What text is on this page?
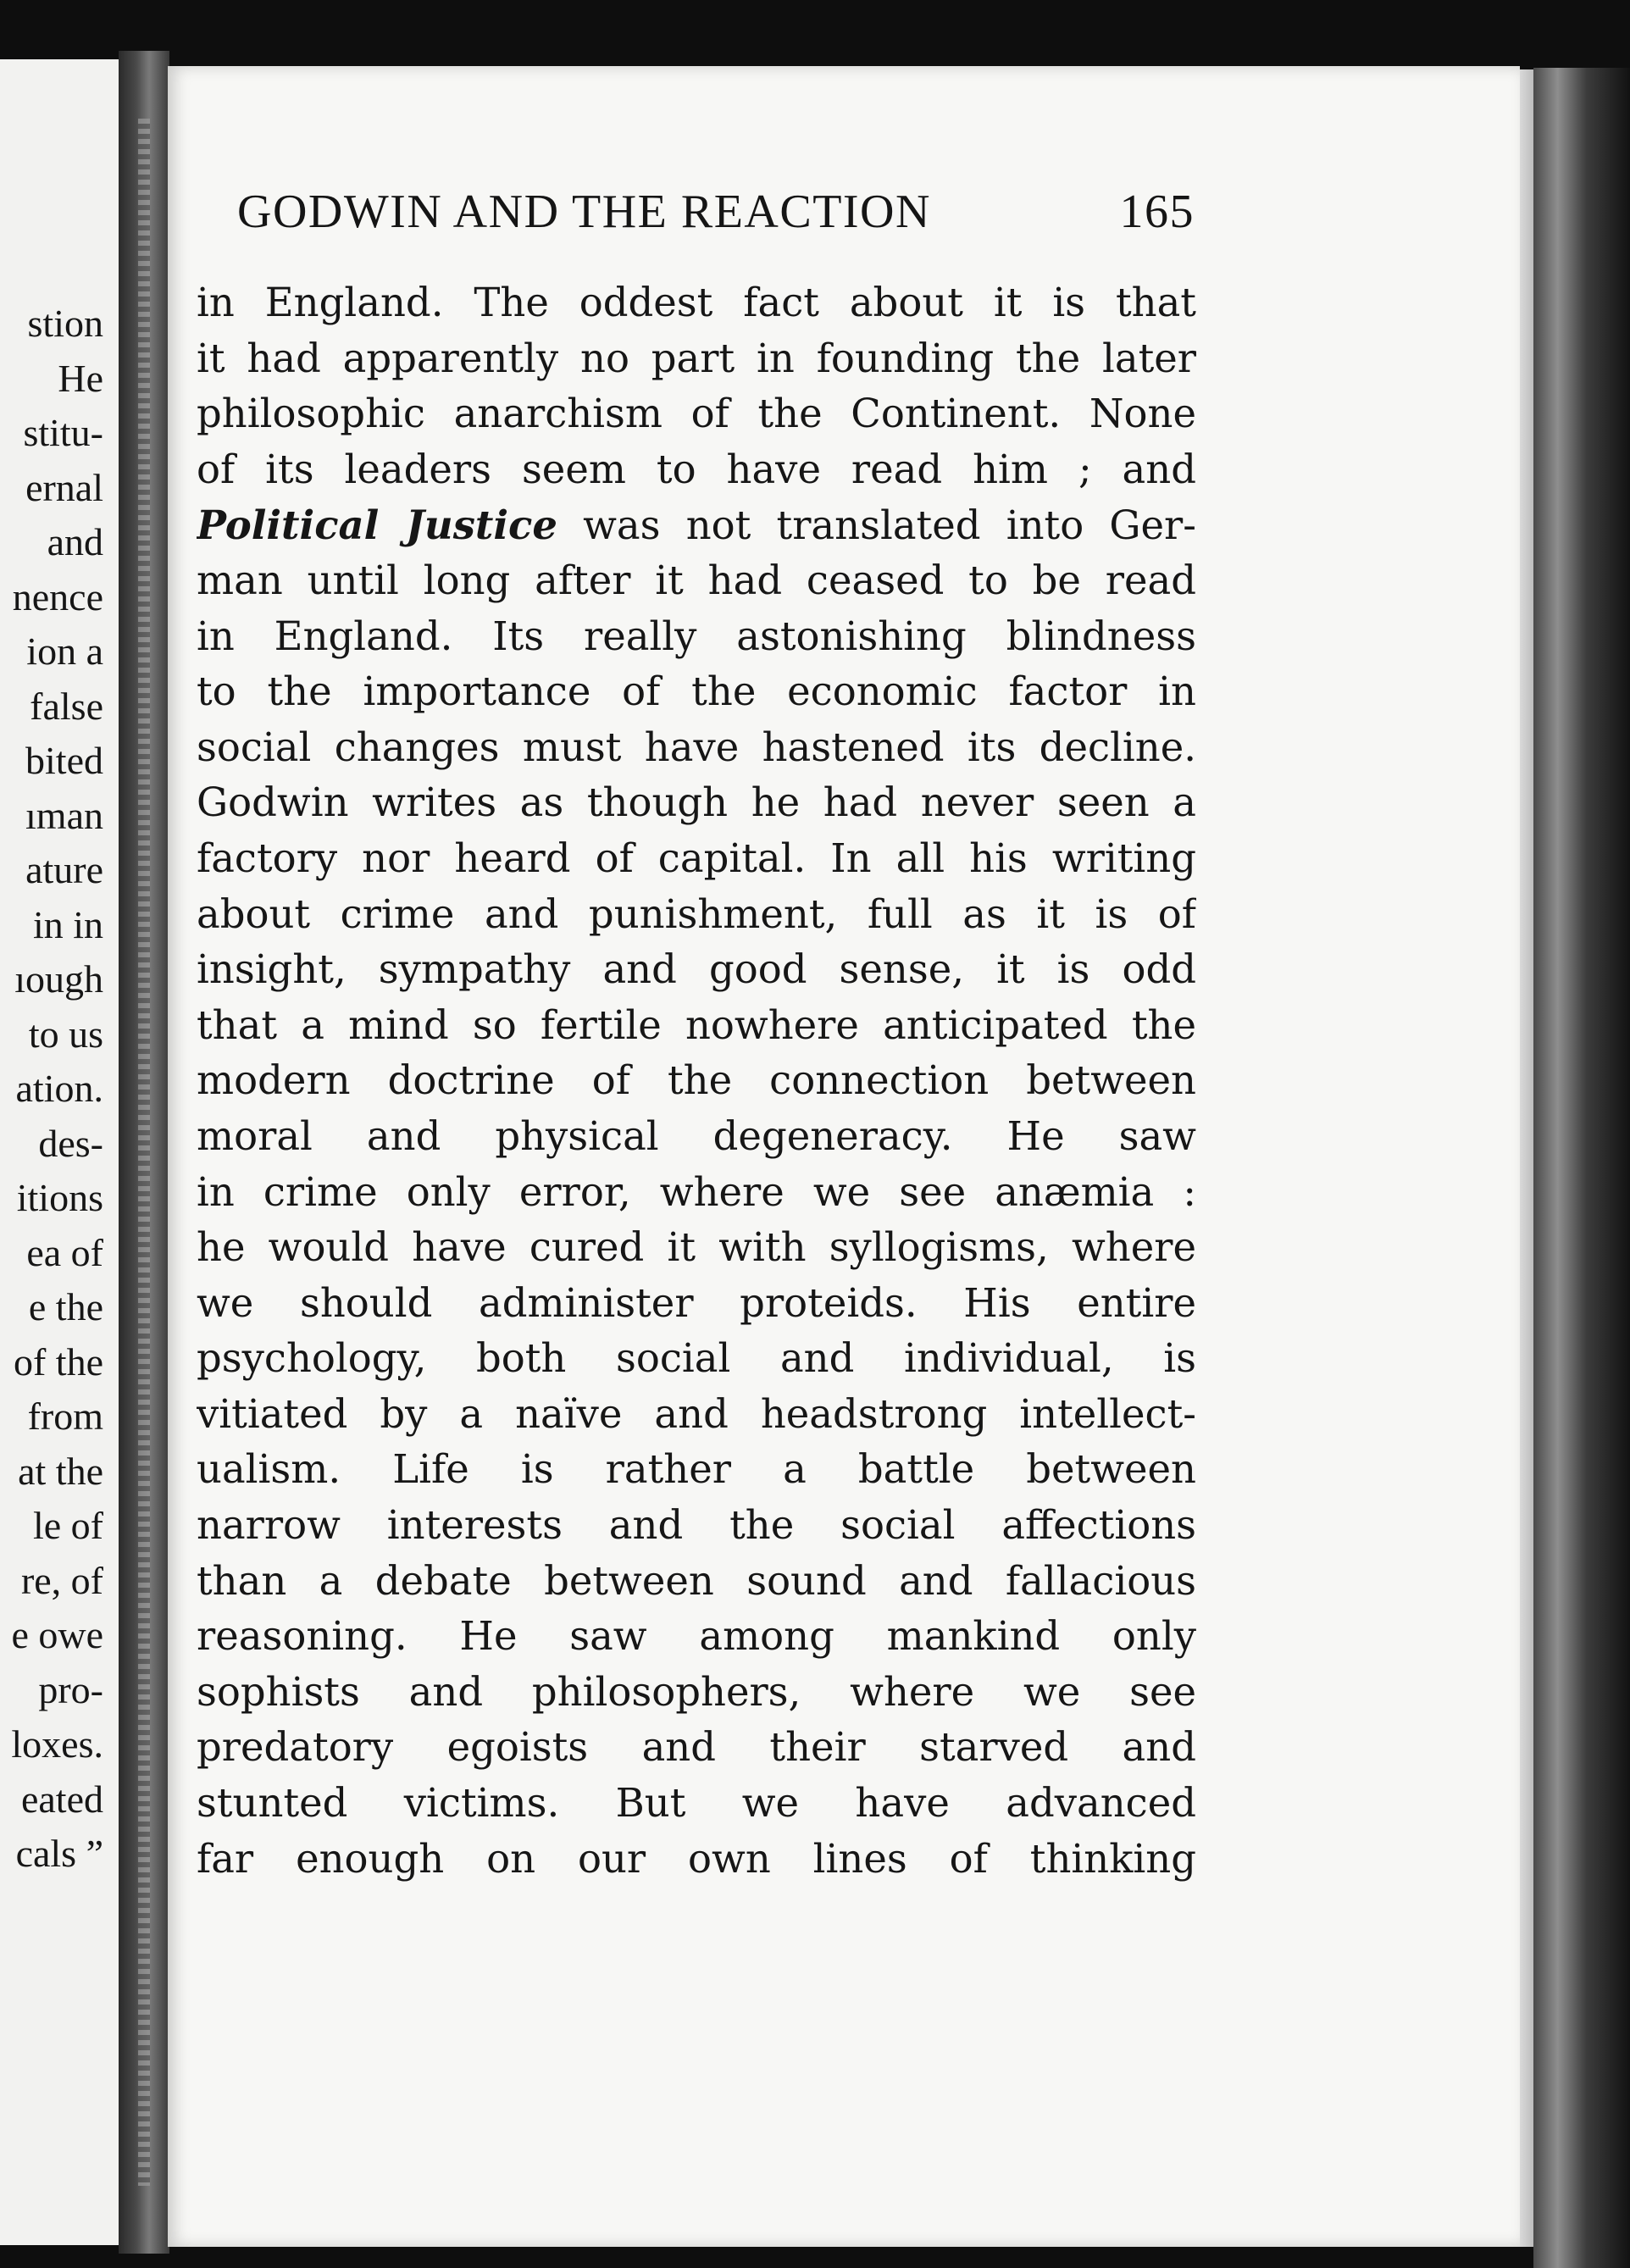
stion
He
stitu-
ernal
and
nence
ion a
false
bited
ıman
ature
in in
ıough
to us
ation.
des-
itions
ea of
e the
of the
from
at the
le of
re, of
e owe
pro-
loxes.
eated
cals ”
GODWIN AND THE REACTION	165
in England. The oddest fact about it is that
it had apparently no part in founding the later
philosophic anarchism of the Continent. None
of its leaders seem to have read him ; and
Political Justice was not translated into Ger-
man until long after it had ceased to be read
in England. Its really astonishing blindness
to the importance of the economic factor in
social changes must have hastened its decline.
Godwin writes as though he had never seen a
factory nor heard of capital. In all his writing
about crime and punishment, full as it is of
insight, sympathy and good sense, it is odd
that a mind so fertile nowhere anticipated the
modern doctrine of the connection between
moral and physical degeneracy. He saw
in crime only error, where we see anæmia :
he would have cured it with syllogisms, where
we should administer proteids. His entire
psychology, both social and individual, is
vitiated by a naïve and headstrong intellect-
ualism. Life is rather a battle between
narrow interests and the social affections
than a debate between sound and fallacious
reasoning. He saw among mankind only
sophists and philosophers, where we see
predatory egoists and their starved and
stunted victims. But we have advanced
far enough on our own lines of thinking
